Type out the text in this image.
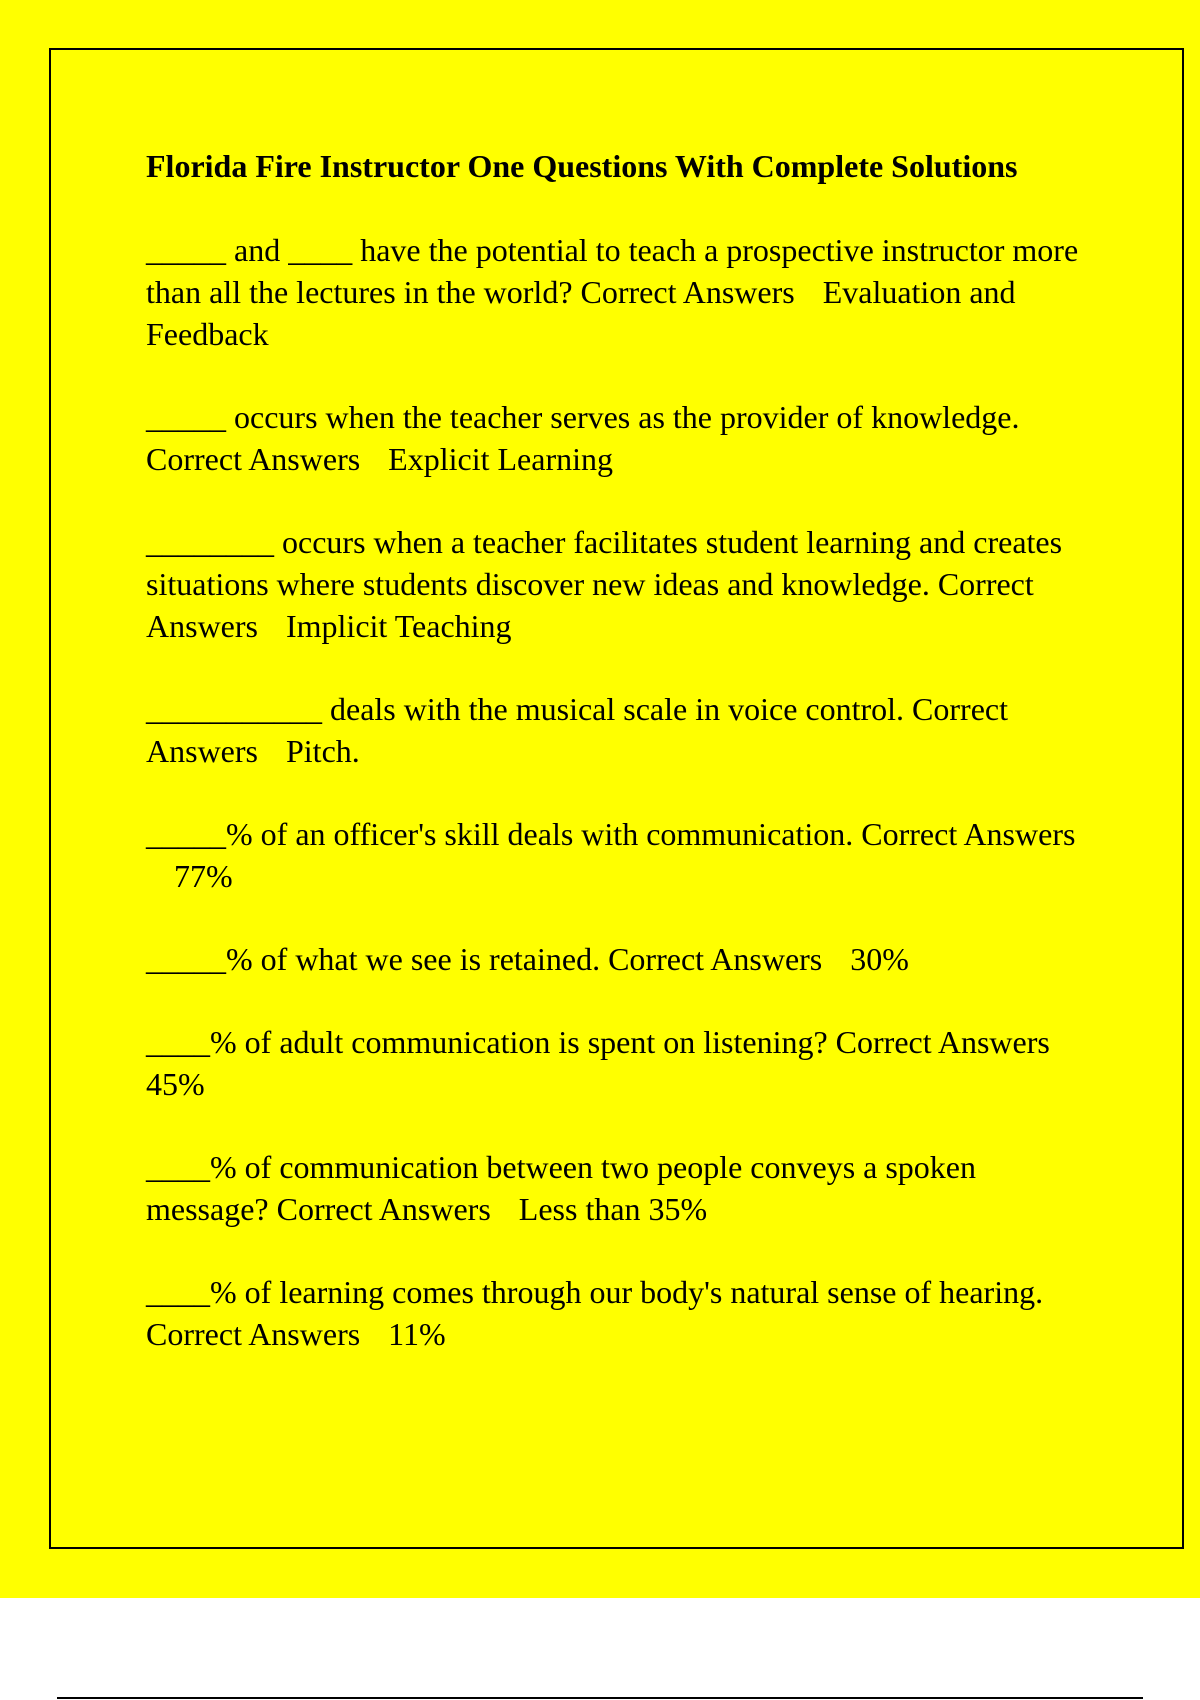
Florida Fire Instructor One Questions With Complete Solutions
_____ and ____ have the potential to teach a prospective instructor more than all the lectures in the world? Correct Answers Evaluation and Feedback
_____ occurs when the teacher serves as the provider of knowledge. Correct Answers Explicit Learning
________ occurs when a teacher facilitates student learning and creates situations where students discover new ideas and knowledge. Correct Answers Implicit Teaching
___________ deals with the musical scale in voice control. Correct Answers Pitch.
_____% of an officer's skill deals with communication. Correct Answers77%
_____% of what we see is retained. Correct Answers 30%
____% of adult communication is spent on listening? Correct Answers45%
____% of communication between two people conveys a spoken message? Correct Answers Less than 35%
____% of learning comes through our body's natural sense of hearing. Correct Answers 11%
